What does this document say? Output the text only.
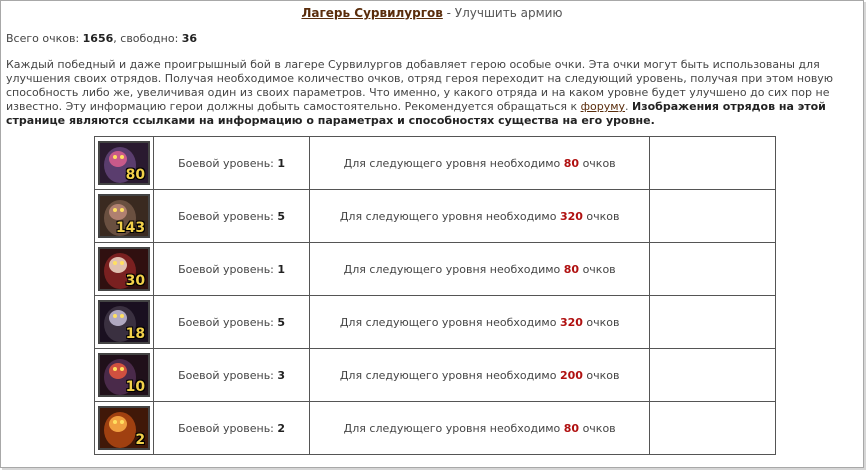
Лагерь Сурвилургов - Улучшить армию
Всего очков: 1656, свободно: 36
Каждый победный и даже проигрышный бой в лагере Сурвилургов добавляет герою особые очки. Эта очки могут быть использованы для улучшения своих отрядов. Получая необходимое количество очков, отряд героя переходит на следующий уровень, получая при этом новую способность либо же, увеличивая один из своих параметров. Что именно, у какого отряда и на каком уровне будет улучшено до сих пор не известно. Эту информацию герои должны добыть самостоятельно. Рекомендуется обращаться к форуму. Изображения отрядов на этой странице являются ссылками на информацию о параметрах и способностях существа на его уровне.
80	Боевой уровень: 1	Для следующего уровня необходимо 80 очков	

143	Боевой уровень: 5	Для следующего уровня необходимо 320 очков	

30	Боевой уровень: 1	Для следующего уровня необходимо 80 очков	

18	Боевой уровень: 5	Для следующего уровня необходимо 320 очков	

10	Боевой уровень: 3	Для следующего уровня необходимо 200 очков	

2	Боевой уровень: 2	Для следующего уровня необходимо 80 очков	
